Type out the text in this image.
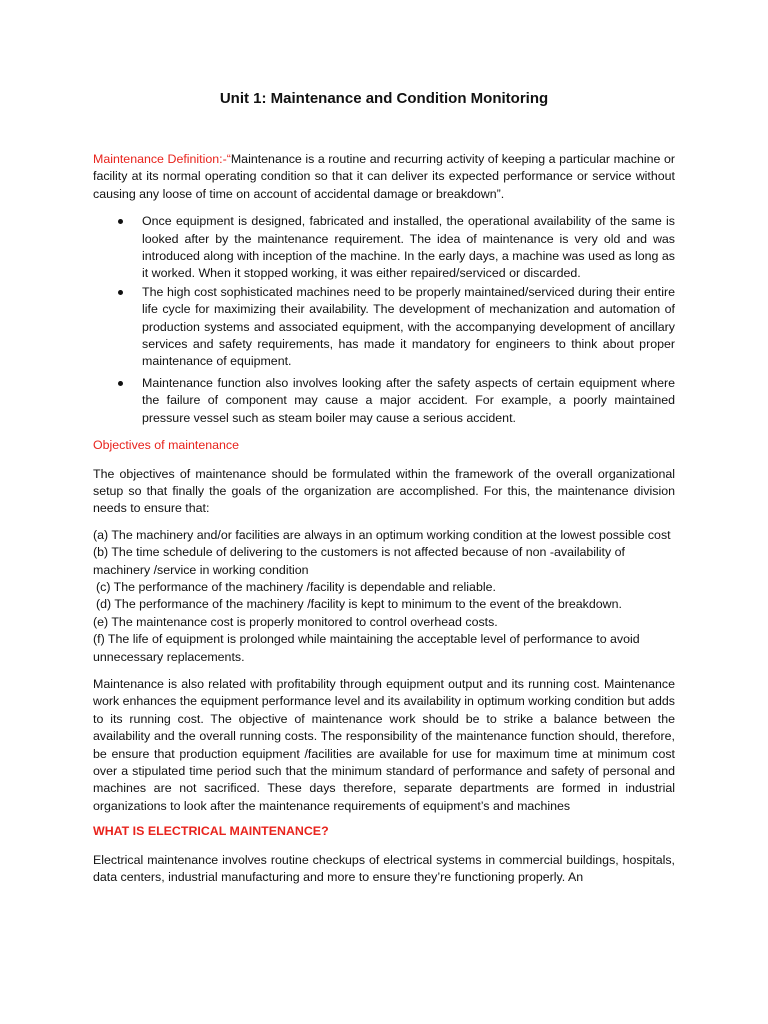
Unit 1: Maintenance and Condition Monitoring

Maintenance Definition:-“Maintenance is a routine and recurring activity of keeping a particular machine or facility at its normal operating condition so that it can deliver its expected performance or service without causing any loose of time on account of accidental damage or breakdown”.

Once equipment is designed, fabricated and installed, the operational availability of the same is looked after by the maintenance requirement. The idea of maintenance is very old and was introduced along with inception of the machine. In the early days, a machine was used as long as it worked. When it stopped working, it was either repaired/serviced or discarded.
The high cost sophisticated machines need to be properly maintained/serviced during their entire life cycle for maximizing their availability. The development of mechanization and automation of production systems and associated equipment, with the accompanying development of ancillary services and safety requirements, has made it mandatory for engineers to think about proper maintenance of equipment.
Maintenance function also involves looking after the safety aspects of certain equipment where the failure of component may cause a major accident. For example, a poorly maintained pressure vessel such as steam boiler may cause a serious accident.

Objectives of maintenance

The objectives of maintenance should be formulated within the framework of the overall organizational setup so that finally the goals of the organization are accomplished. For this, the maintenance division needs to ensure that:

(a) The machinery and/or facilities are always in an optimum working condition at the lowest possible cost
(b) The time schedule of delivering to the customers is not affected because of non -availability of machinery /service in working condition
(c) The performance of the machinery /facility is dependable and reliable.
(d) The performance of the machinery /facility is kept to minimum to the event of the breakdown.
(e) The maintenance cost is properly monitored to control overhead costs.
(f) The life of equipment is prolonged while maintaining the acceptable level of performance to avoid unnecessary replacements.

Maintenance is also related with profitability through equipment output and its running cost. Maintenance work enhances the equipment performance level and its availability in optimum working condition but adds to its running cost. The objective of maintenance work should be to strike a balance between the availability and the overall running costs. The responsibility of the maintenance function should, therefore, be ensure that production equipment /facilities are available for use for maximum time at minimum cost over a stipulated time period such that the minimum standard of performance and safety of personal and machines are not sacrificed. These days therefore, separate departments are formed in industrial organizations to look after the maintenance requirements of equipment’s and machines

WHAT IS ELECTRICAL MAINTENANCE?

Electrical maintenance involves routine checkups of electrical systems in commercial buildings, hospitals, data centers, industrial manufacturing and more to ensure they’re functioning properly. An
